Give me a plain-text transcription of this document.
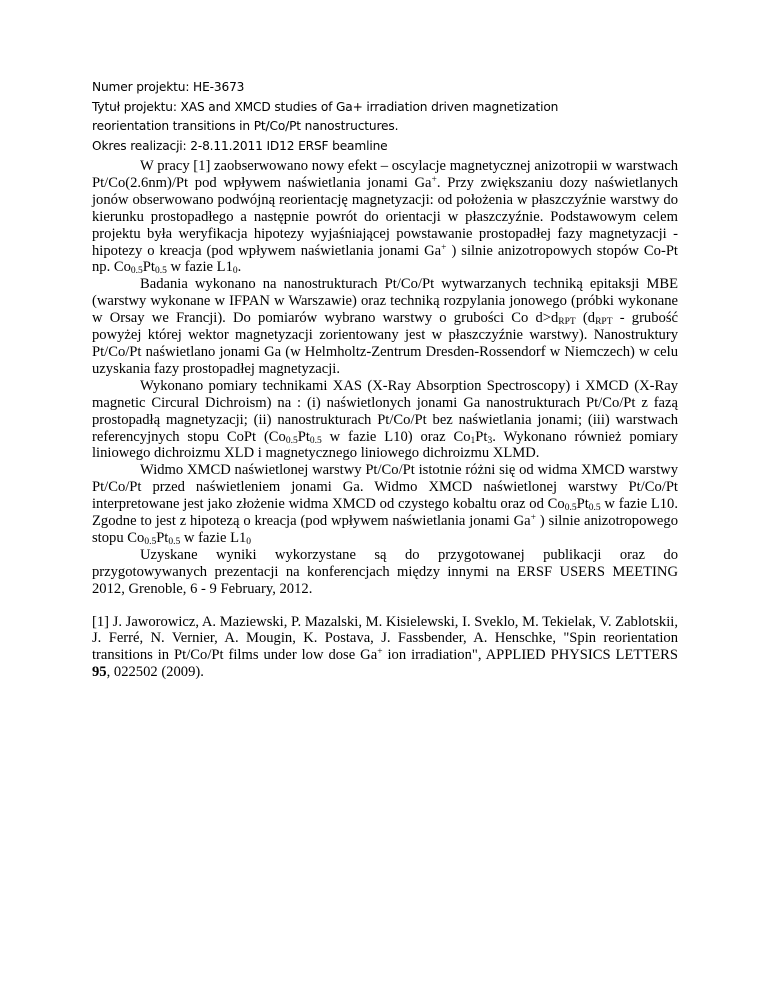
Numer projektu: HE-3673

Tytuł projektu: XAS and XMCD studies of Ga+ irradiation driven magnetization

reorientation transitions in Pt/Co/Pt nanostructures.

Okres realizacji: 2-8.11.2011 ID12 ERSF beamline

W pracy [1] zaobserwowano nowy efekt – oscylacje magnetycznej anizotropii w warstwach Pt/Co(2.6nm)/Pt pod wpływem naświetlania jonami Ga+. Przy zwiększaniu dozy naświetlanych jonów obserwowano podwójną reorientację magnetyzacji: od położenia w płaszczyźnie warstwy do kierunku prostopadłego a następnie powrót do orientacji w płaszczyźnie. Podstawowym celem projektu była weryfikacja hipotezy wyjaśniającej powstawanie prostopadłej fazy magnetyzacji - hipotezy o kreacja (pod wpływem naświetlania jonami Ga+ ) silnie anizotropowych stopów Co-Pt np. $Co_{0.5}Pt_{0.5}$ w fazie $L1_0$.

Badania wykonano na nanostrukturach Pt/Co/Pt wytwarzanych techniką epitaksji MBE (warstwy wykonane w IFPAN w Warszawie) oraz techniką rozpylania jonowego (próbki wykonane w Orsay we Francji). Do pomiarów wybrano warstwy o grubości Co $d>d_{RPT}$ ($d_{RPT}$ - grubość powyżej której wektor magnetyzacji zorientowany jest w płaszczyźnie warstwy). Nanostruktury Pt/Co/Pt naświetlano jonami Ga (w Helmholtz-Zentrum Dresden-Rossendorf w Niemczech) w celu uzyskania fazy prostopadłej magnetyzacji.

Wykonano pomiary technikami XAS (X-Ray Absorption Spectroscopy) i XMCD (X-Ray magnetic Circural Dichroism) na : (i) naświetlonych jonami Ga nanostrukturach Pt/Co/Pt z fazą prostopadłą magnetyzacji; (ii) nanostrukturach Pt/Co/Pt bez naświetlania jonami; (iii) warstwach referencyjnych stopu CoPt ($Co_{0.5}Pt_{0.5}$ w fazie L10) oraz $Co_1Pt_3$. Wykonano również pomiary liniowego dichroizmu XLD i magnetycznego liniowego dichroizmu XLMD.

Widmo XMCD naświetlonej warstwy Pt/Co/Pt istotnie różni się od widma XMCD warstwy Pt/Co/Pt przed naświetleniem jonami Ga. Widmo XMCD naświetlonej warstwy Pt/Co/Pt interpretowane jest jako złożenie widma XMCD od czystego kobaltu oraz od $Co_{0.5}Pt_{0.5}$ w fazie L10. Zgodne to jest z hipotezą o kreacja (pod wpływem naświetlania jonami Ga+ ) silnie anizotropowego stopu $Co_{0.5}Pt_{0.5}$ w fazie $L1_0$

Uzyskane wyniki wykorzystane są do przygotowanej publikacji oraz do przygotowywanych prezentacji na konferencjach między innymi na ERSF USERS MEETING 2012, Grenoble, 6 - 9 February, 2012.

[1] J. Jaworowicz, A. Maziewski, P. Mazalski, M. Kisielewski, I. Sveklo, M. Tekielak, V. Zablotskii, J. Ferré, N. Vernier, A. Mougin, K. Postava, J. Fassbender, A. Henschke, "Spin reorientation transitions in Pt/Co/Pt films under low dose Ga+ ion irradiation", APPLIED PHYSICS LETTERS 95, 022502 (2009).
